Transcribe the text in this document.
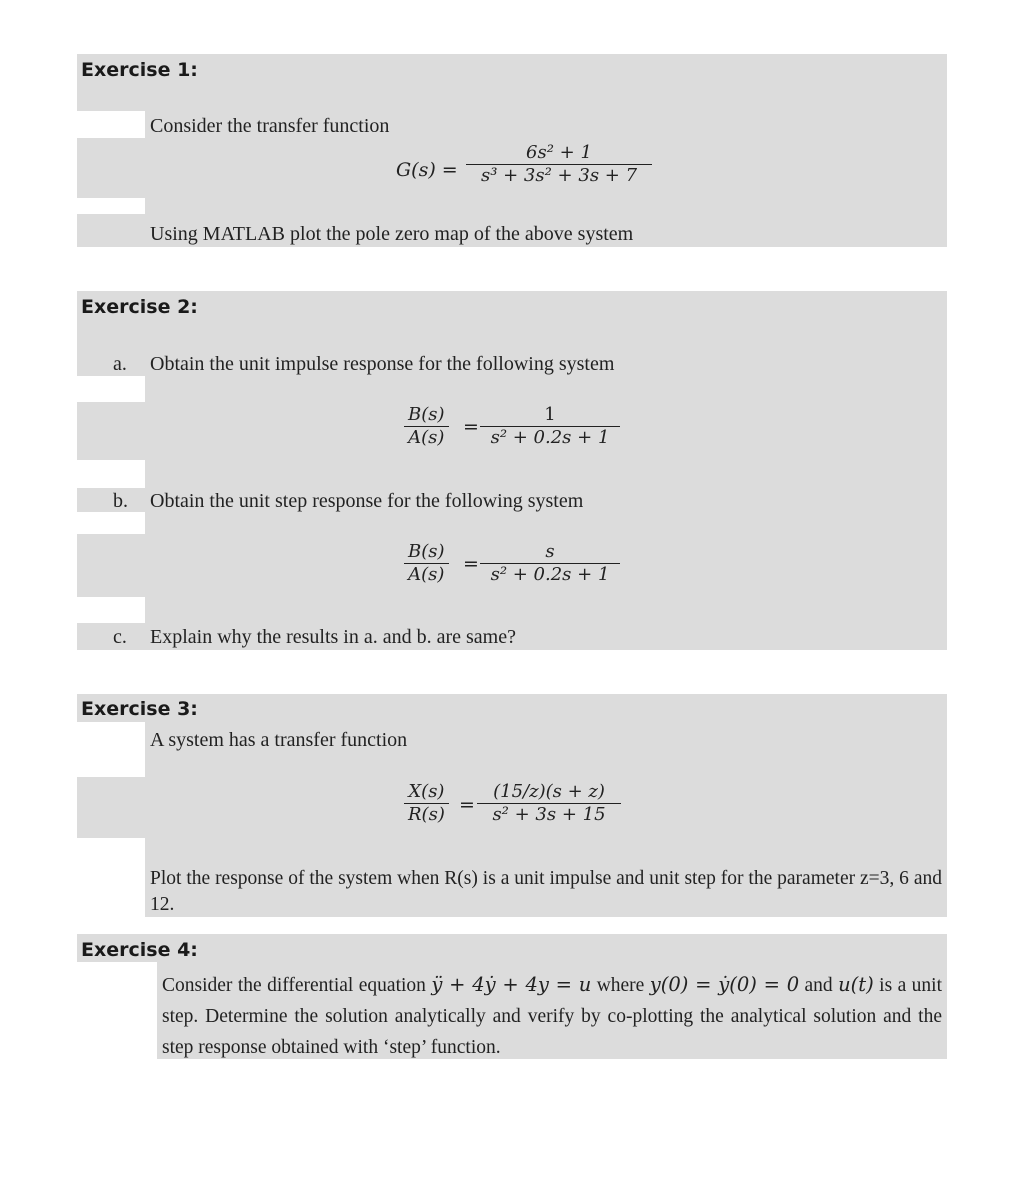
Exercise 1:
Consider the transfer function
G(s) =
6s² + 1
s³ + 3s² + 3s + 7
Using MATLAB plot the pole zero map of the above system
Exercise 2:
a. Obtain the unit impulse response for the following system
B(s)
A(s) =
1
s² + 0.2s + 1
b. Obtain the unit step response for the following system
B(s)
A(s) =
s
s² + 0.2s + 1
c. Explain why the results in a. and b. are same?
Exercise 3:
A system has a transfer function
X(s)
R(s) =
(15/z)(s + z)
s² + 3s + 15
Plot the response of the system when R(s) is a unit impulse and unit step for the parameter z=3, 6 and 12.
Exercise 4:
Consider the differential equation ÿ + 4ẏ + 4y = u where y(0) = ẏ(0) = 0 and u(t) is a unit step. Determine the solution analytically and verify by co-plotting the analytical solution and the step response obtained with ‘step’ function.
